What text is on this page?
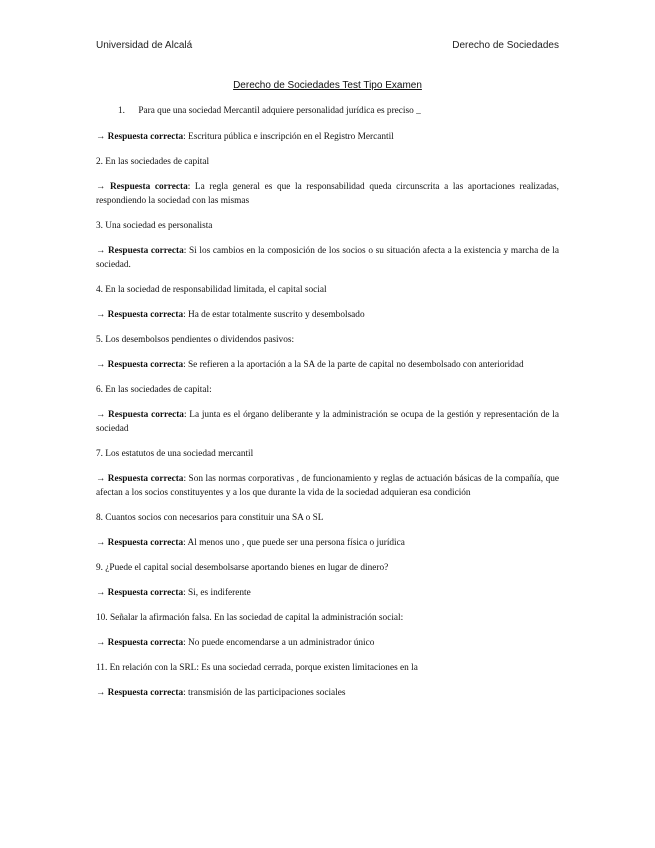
Universidad de Alcalá	Derecho de Sociedades
Derecho de Sociedades Test Tipo Examen

1. Para que una sociedad Mercantil adquiere personalidad jurídica es preciso _

→ Respuesta correcta: Escritura pública e inscripción en el Registro Mercantil

2. En las sociedades de capital

→ Respuesta correcta: La regla general es que la responsabilidad queda circunscrita a las aportaciones realizadas, respondiendo la sociedad con las mismas

3. Una sociedad es personalista

→ Respuesta correcta: Si los cambios en la composición de los socios o su situación afecta a la existencia y marcha de la sociedad.

4. En la sociedad de responsabilidad limitada, el capital social

→ Respuesta correcta: Ha de estar totalmente suscrito y desembolsado

5. Los desembolsos pendientes o dividendos pasivos:

→ Respuesta correcta: Se refieren a la aportación a la SA de la parte de capital no desembolsado con anterioridad

6. En las sociedades de capital:

→ Respuesta correcta: La junta es el órgano deliberante y la administración se ocupa de la gestión y representación de la sociedad

7. Los estatutos de una sociedad mercantil

→ Respuesta correcta: Son las normas corporativas , de funcionamiento y reglas de actuación básicas de la compañía, que afectan a los socios constituyentes y a los que durante la vida de la sociedad adquieran esa condición

8. Cuantos socios con necesarios para constituir una SA o SL

→ Respuesta correcta: Al menos uno , que puede ser una persona física o jurídica

9. ¿Puede el capital social desembolsarse aportando bienes en lugar de dinero?

→ Respuesta correcta: Si, es indiferente

10. Señalar la afirmación falsa. En las sociedad de capital la administración social:

→ Respuesta correcta: No puede encomendarse a un administrador único

11. En relación con la SRL: Es una sociedad cerrada, porque existen limitaciones en la

→ Respuesta correcta: transmisión de las participaciones sociales
